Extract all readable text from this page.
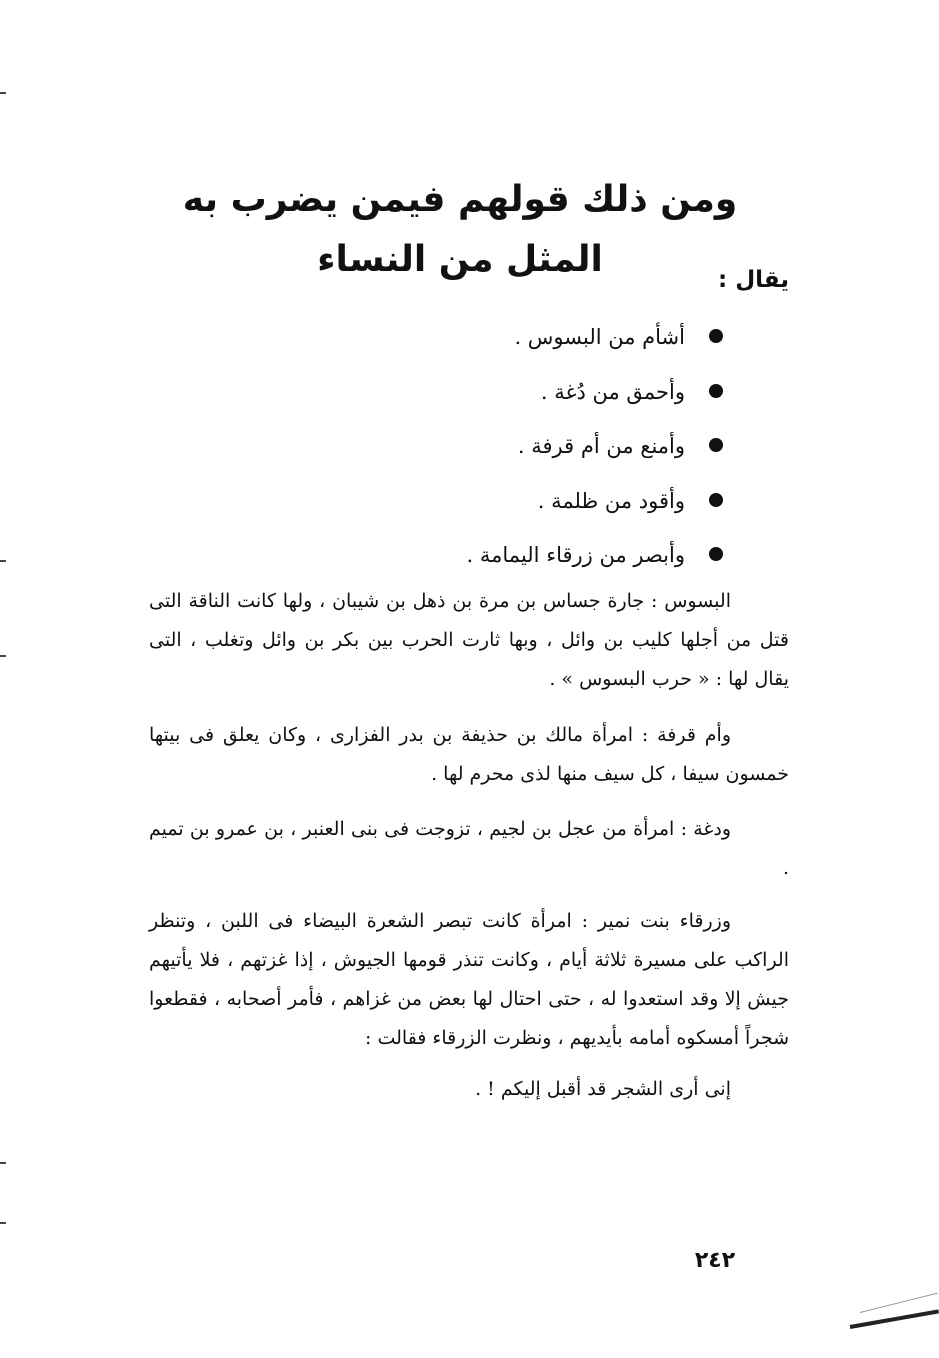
ومن ذلك قولهم فيمن يضرب به المثل من النساء	يقال :
أشأم من البسوس .
وأحمق من دُغة .
وأمنع من أم قرفة .
وأقود من ظلمة .
وأبصر من زرقاء اليمامة .

البسوس : جارة جساس بن مرة بن ذهل بن شيبان ، ولها كانت الناقة التى قتل من أجلها كليب بن وائل ، وبها ثارت الحرب بين بكر بن وائل وتغلب ، التى يقال لها : « حرب البسوس » .

وأم قرفة : امرأة مالك بن حذيفة بن بدر الفزارى ، وكان يعلق فى بيتها خمسون سيفا ، كل سيف منها لذى محرم لها .

ودغة : امرأة من عجل بن لجيم ، تزوجت فى بنى العنبر ، بن عمرو بن تميم .

وزرقاء بنت نمير : امرأة كانت تبصر الشعرة البيضاء فى اللبن ، وتنظر الراكب على مسيرة ثلاثة أيام ، وكانت تنذر قومها الجيوش ، إذا غزتهم ، فلا يأتيهم جيش إلا وقد استعدوا له ، حتى احتال لها بعض من غزاهم ، فأمر أصحابه ، فقطعوا شجراً أمسكوه أمامه بأيديهم ، ونظرت الزرقاء فقالت :

إنى أرى الشجر قد أقبل إليكم ! .
٢٤٢
